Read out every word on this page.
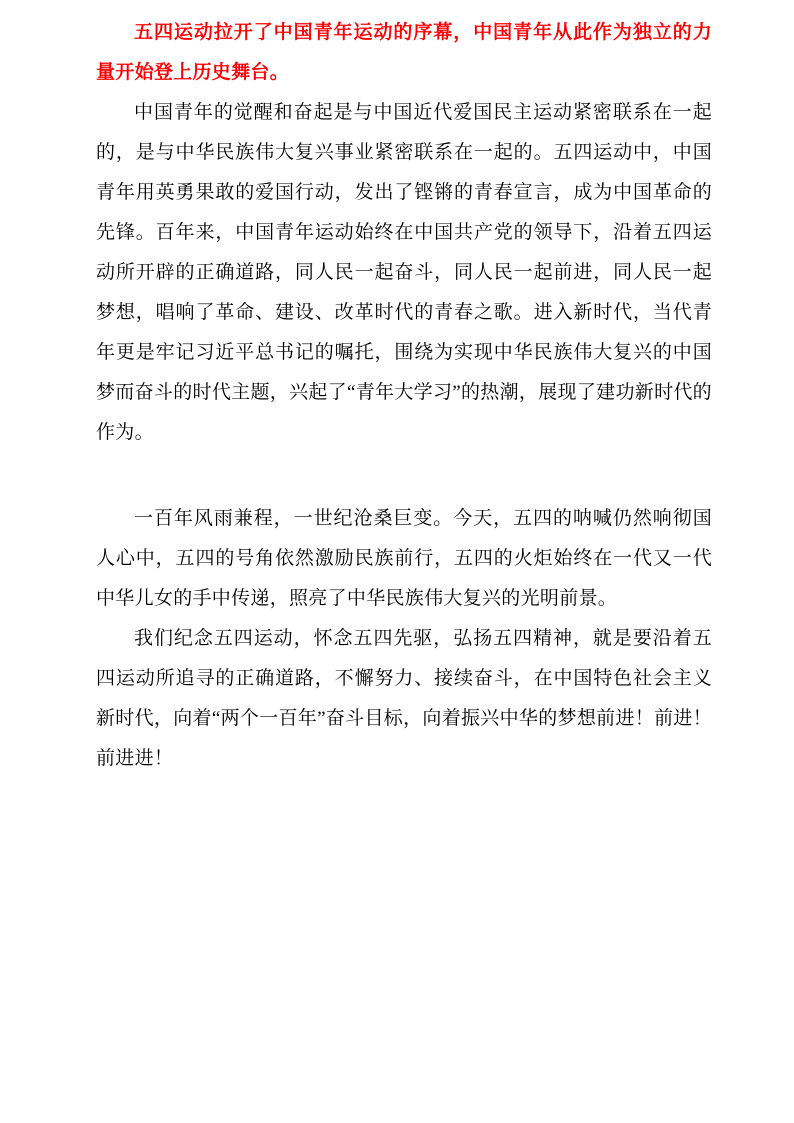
五四运动拉开了中国青年运动的序幕，中国青年从此作为独立的力量开始登上历史舞台。

中国青年的觉醒和奋起是与中国近代爱国民主运动紧密联系在一起的，是与中华民族伟大复兴事业紧密联系在一起的。五四运动中，中国青年用英勇果敢的爱国行动，发出了铿锵的青春宣言，成为中国革命的先锋。百年来，中国青年运动始终在中国共产党的领导下，沿着五四运动所开辟的正确道路，同人民一起奋斗，同人民一起前进，同人民一起梦想，唱响了革命、建设、改革时代的青春之歌。进入新时代，当代青年更是牢记习近平总书记的嘱托，围绕为实现中华民族伟大复兴的中国梦而奋斗的时代主题，兴起了“青年大学习”的热潮，展现了建功新时代的作为。

一百年风雨兼程，一世纪沧桑巨变。今天，五四的呐喊仍然响彻国人心中，五四的号角依然激励民族前行，五四的火炬始终在一代又一代中华儿女的手中传递，照亮了中华民族伟大复兴的光明前景。

我们纪念五四运动，怀念五四先驱，弘扬五四精神，就是要沿着五四运动所追寻的正确道路，不懈努力、接续奋斗，在中国特色社会主义新时代，向着“两个一百年”奋斗目标，向着振兴中华的梦想前进！前进！前进进！
